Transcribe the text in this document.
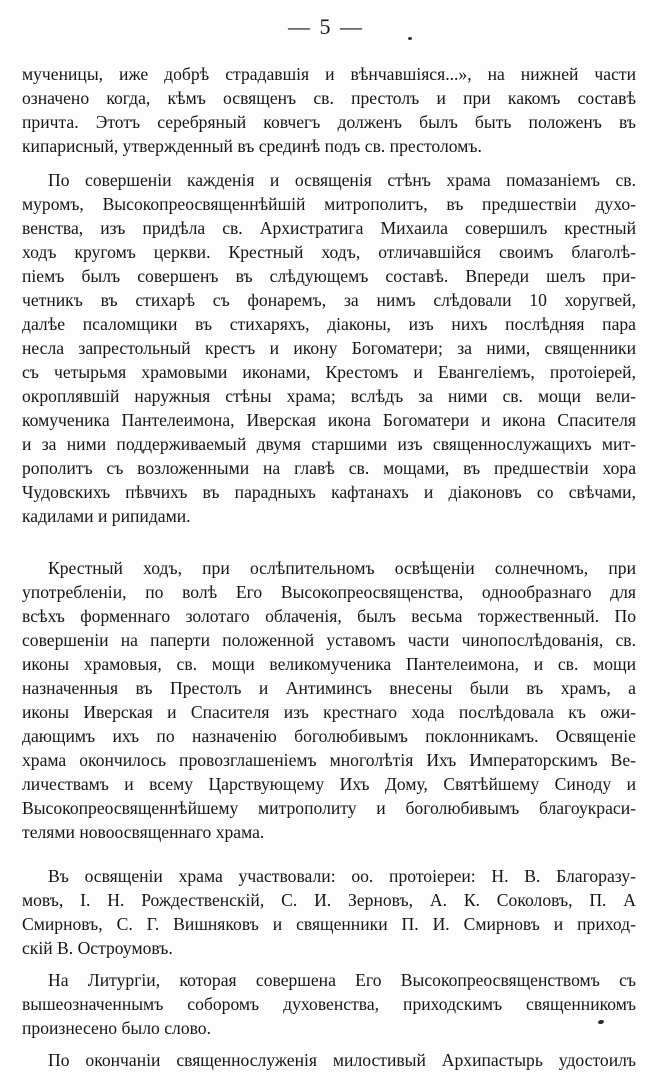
— 5 —
мученицы, иже добрѣ страдавшія и вѣнчавшіяся...», на нижней части
означено когда, кѣмъ освященъ св. престолъ и при какомъ составѣ
причта. Этотъ серебряный ковчегъ долженъ былъ быть положенъ въ
кипарисный, утвержденный въ срединѣ подъ св. престоломъ.
По совершеніи кажденія и освященія стѣнъ храма помазаніемъ св.
муромъ, Высокопреосвященнѣйшій митрополитъ, въ предшествіи духо-
венства, изъ придѣла св. Архистратига Михаила совершилъ крестный
ходъ кругомъ церкви. Крестный ходъ, отличавшійся своимъ благолѣ-
піемъ былъ совершенъ въ слѣдующемъ составѣ. Впереди шелъ при-
четникъ въ стихарѣ съ фонаремъ, за нимъ слѣдовали 10 хоругвей,
далѣе псаломщики въ стихаряхъ, діаконы, изъ нихъ послѣдняя пара
несла запрестольный крестъ и икону Богоматери; за ними, священники
съ четырьмя храмовыми иконами, Крестомъ и Евангеліемъ, протоіерей,
окроплявшій наружныя стѣны храма; вслѣдъ за ними св. мощи вели-
комученика Пантелеимона, Иверская икона Богоматери и икона Спасителя
и за ними поддерживаемый двумя старшими изъ священнослужащихъ мит-
рополитъ съ возложенными на главѣ св. мощами, въ предшествіи хора
Чудовскихъ пѣвчихъ въ парадныхъ кафтанахъ и діаконовъ со свѣчами,
кадилами и рипидами.
Крестный ходъ, при ослѣпительномъ освѣщеніи солнечномъ, при
употребленіи, по волѣ Его Высокопреосвященства, однообразнаго для
всѣхъ форменнаго золотаго облаченія, былъ весьма торжественный. По
совершеніи на паперти положенной уставомъ части чинопослѣдованія, св.
иконы храмовыя, св. мощи великомученика Пантелеимона, и св. мощи
назначенныя въ Престолъ и Антиминсъ внесены были въ храмъ, а
иконы Иверская и Спасителя изъ крестнаго хода послѣдовала къ ожи-
дающимъ ихъ по назначенію боголюбивымъ поклонникамъ. Освященіе
храма окончилось провозглашеніемъ многолѣтія Ихъ Императорскимъ Ве-
личествамъ и всему Царствующему Ихъ Дому, Святѣйшему Синоду и
Высокопреосвященнѣйшему митрополиту и боголюбивымъ благоукраси-
телями новоосвященнаго храма.
Въ освященіи храма участвовали: оо. протоіереи: Н. В. Благоразу-
мовъ, І. Н. Рождественскій, С. И. Зерновъ, А. К. Соколовъ, П. А
Смирновъ, С. Г. Вишняковъ и священники П. И. Смирновъ и приход-
скій В. Остроумовъ.
На Литургіи, которая совершена Его Высокопреосвященствомъ съ
вышеозначеннымъ соборомъ духовенства, приходскимъ священникомъ
произнесено было слово.
По окончаніи священнослуженія милостивый Архипастырь удостоилъ
